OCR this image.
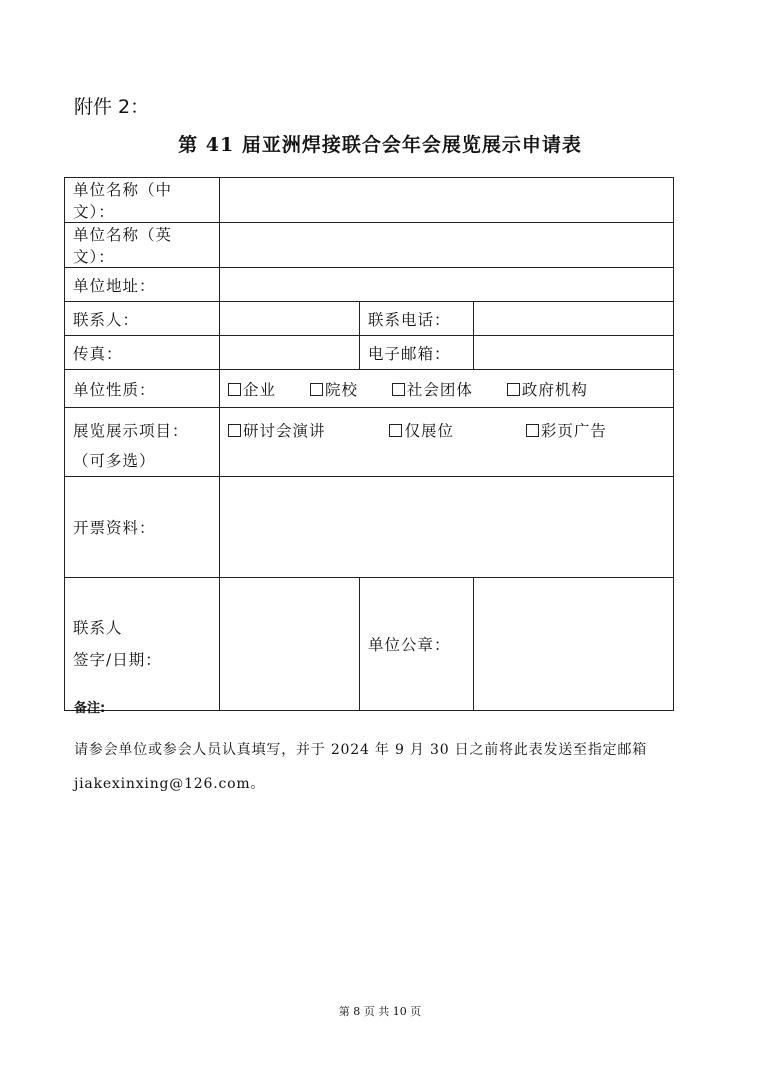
附件 2：
第 41 届亚洲焊接联合会年会展览展示申请表
单位名称（中文）：			
单位名称（英文）：			
单位地址：			
联系人：		联系电话：	
传真：		电子邮箱：	
单位性质：	企业 院校 社会团体 政府机构		

展览展示项目：
（可多选）	研讨会演讲 仅展位 彩页广告		
开票资料：			

联系人
签字/日期：		单位公章：	
备注:
请参会单位或参会人员认真填写，并于 2024 年 9 月 30 日之前将此表发送至指定邮箱 jiakexinxing@126.com。
第 8 页 共 10 页
